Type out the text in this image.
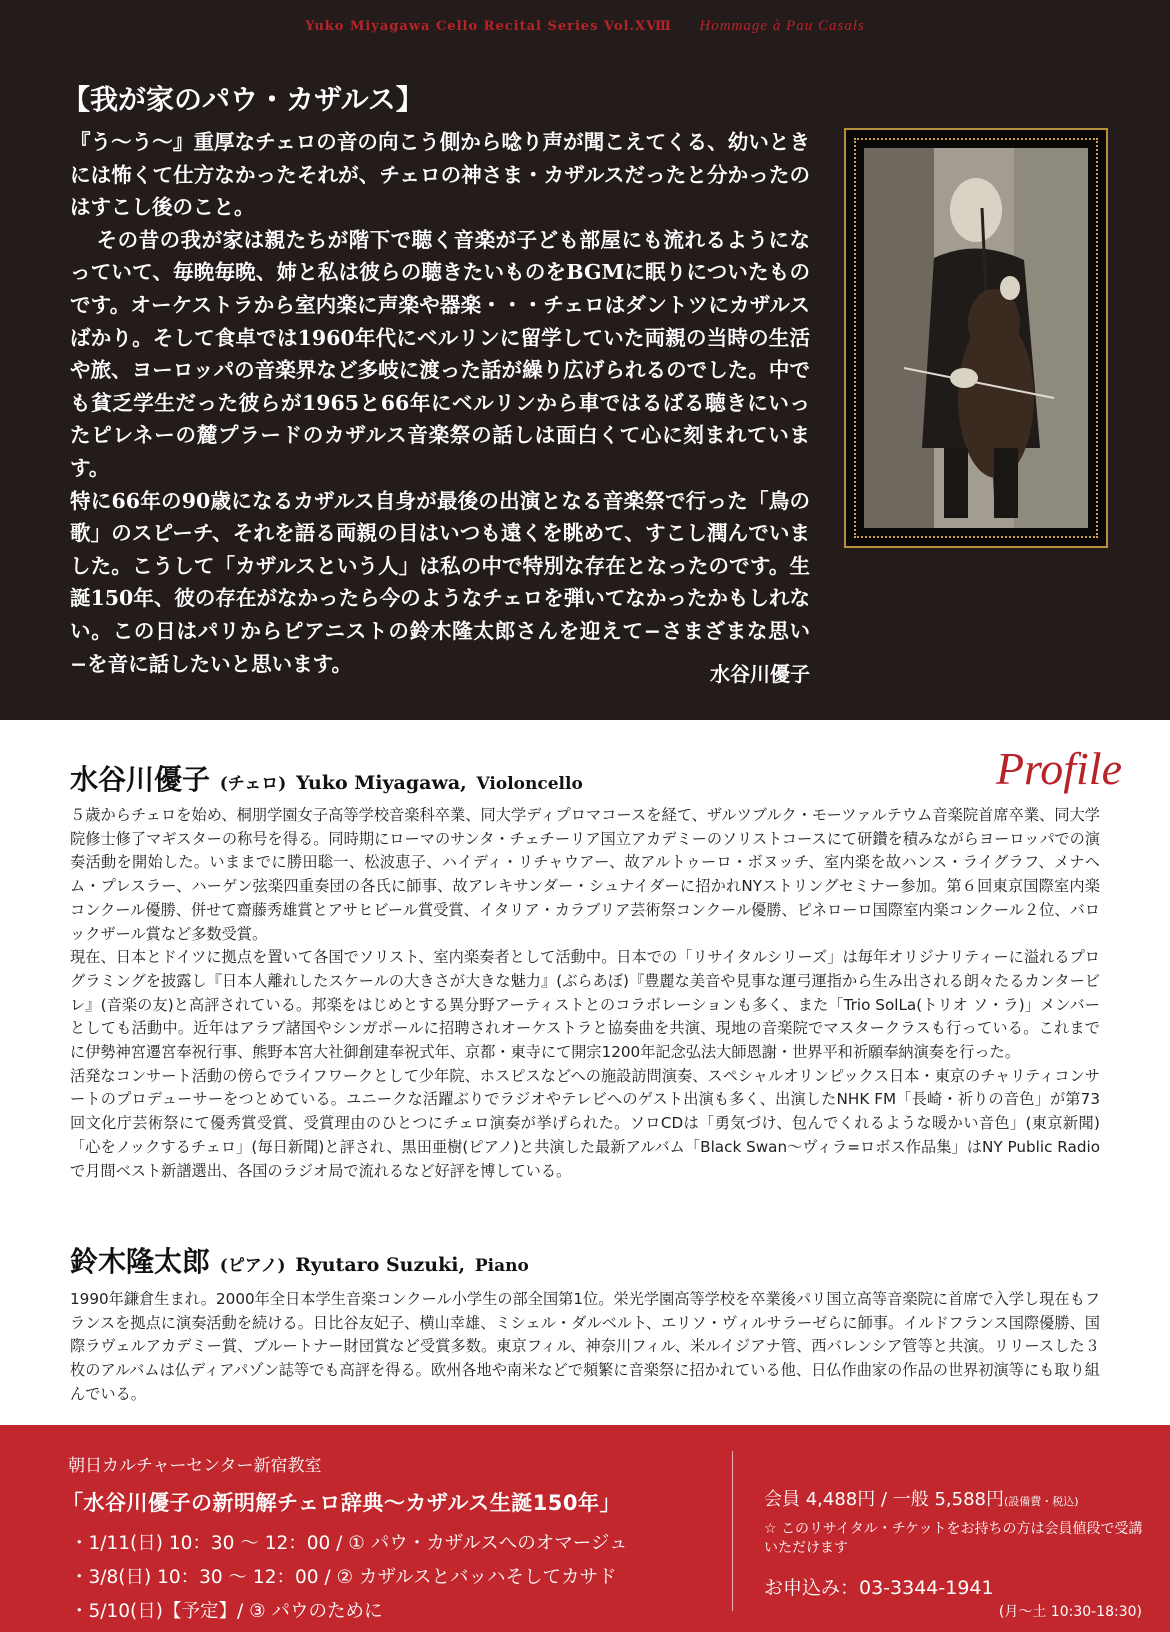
Yuko Miyagawa Cello Recital Series Vol.XⅧ Hommage à Pau Casals
【我が家のパウ・カザルス】

『う〜う〜』重厚なチェロの音の向こう側から唸り声が聞こえてくる、幼いときには怖くて仕方なかったそれが、チェロの神さま・カザルスだったと分かったのはすこし後のこと。

その昔の我が家は親たちが階下で聴く音楽が子ども部屋にも流れるようになっていて、毎晩毎晩、姉と私は彼らの聴きたいものをBGMに眠りについたものです。オーケストラから室内楽に声楽や器楽・・・チェロはダントツにカザルスばかり。そして食卓では1960年代にベルリンに留学していた両親の当時の生活や旅、ヨーロッパの音楽界など多岐に渡った話が繰り広げられるのでした。中でも貧乏学生だった彼らが1965と66年にベルリンから車ではるばる聴きにいったピレネーの麓プラードのカザルス音楽祭の話しは面白くて心に刻まれています。

特に66年の90歳になるカザルス自身が最後の出演となる音楽祭で行った「鳥の歌」のスピーチ、それを語る両親の目はいつも遠くを眺めて、すこし潤んでいました。こうして「カザルスという人」は私の中で特別な存在となったのです。生誕150年、彼の存在がなかったら今のようなチェロを弾いてなかったかもしれない。この日はパリからピアニストの鈴木隆太郎さんを迎えて−さまざまな思い−を音に話したいと思います。	水谷川優子
Profile
水谷川優子 (チェロ) Yuko Miyagawa, Violoncello

５歳からチェロを始め、桐朋学園女子高等学校音楽科卒業、同大学ディプロマコースを経て、ザルツブルク・モーツァルテウム音楽院首席卒業、同大学院修士修了マギスターの称号を得る。同時期にローマのサンタ・チェチーリア国立アカデミーのソリストコースにて研鑽を積みながらヨーロッパでの演奏活動を開始した。いままでに勝田聡一、松波恵子、ハイディ・リチャウアー、故アルトゥーロ・ボヌッチ、室内楽を故ハンス・ライグラフ、メナヘム・プレスラー、ハーゲン弦楽四重奏団の各氏に師事、故アレキサンダー・シュナイダーに招かれNYストリングセミナー参加。第６回東京国際室内楽コンクール優勝、併せて齋藤秀雄賞とアサヒビール賞受賞、イタリア・カラブリア芸術祭コンクール優勝、ピネローロ国際室内楽コンクール２位、バロックザール賞など多数受賞。

現在、日本とドイツに拠点を置いて各国でソリスト、室内楽奏者として活動中。日本での「リサイタルシリーズ」は毎年オリジナリティーに溢れるプログラミングを披露し『日本人離れしたスケールの大きさが大きな魅力』(ぶらあぼ)『豊麗な美音や見事な運弓運指から生み出される朗々たるカンタービレ』(音楽の友)と高評されている。邦楽をはじめとする異分野アーティストとのコラボレーションも多く、また「Trio SolLa(トリオ ソ・ラ)」メンバーとしても活動中。近年はアラブ諸国やシンガポールに招聘されオーケストラと協奏曲を共演、現地の音楽院でマスタークラスも行っている。これまでに伊勢神宮遷宮奉祝行事、熊野本宮大社御創建奉祝式年、京都・東寺にて開宗1200年記念弘法大師恩謝・世界平和祈願奉納演奏を行った。

活発なコンサート活動の傍らでライフワークとして少年院、ホスピスなどへの施設訪問演奏、スペシャルオリンピックス日本・東京のチャリティコンサートのプロデューサーをつとめている。ユニークな活躍ぶりでラジオやテレビへのゲスト出演も多く、出演したNHK FM「長崎・祈りの音色」が第73回文化庁芸術祭にて優秀賞受賞、受賞理由のひとつにチェロ演奏が挙げられた。ソロCDは「勇気づけ、包んでくれるような暖かい音色」(東京新聞)「心をノックするチェロ」(毎日新聞)と評され、黒田亜樹(ピアノ)と共演した最新アルバム「Black Swan〜ヴィラ=ロボス作品集」はNY Public Radio で月間ベスト新譜選出、各国のラジオ局で流れるなど好評を博している。

鈴木隆太郎 (ピアノ) Ryutaro Suzuki, Piano

1990年鎌倉生まれ。2000年全日本学生音楽コンクール小学生の部全国第1位。栄光学園高等学校を卒業後パリ国立高等音楽院に首席で入学し現在もフランスを拠点に演奏活動を続ける。日比谷友妃子、横山幸雄、ミシェル・ダルベルト、エリソ・ヴィルサラーゼらに師事。イルドフランス国際優勝、国際ラヴェルアカデミー賞、ブルートナー財団賞など受賞多数。東京フィル、神奈川フィル、米ルイジアナ管、西バレンシア管等と共演。リリースした３枚のアルバムは仏ディアパゾン誌等でも高評を得る。欧州各地や南米などで頻繁に音楽祭に招かれている他、日仏作曲家の作品の世界初演等にも取り組んでいる。

朝日カルチャーセンター新宿教室
「水谷川優子の新明解チェロ辞典〜カザルス生誕150年」
・1/11(日) 10：30 〜 12：00 / ① パウ・カザルスへのオマージュ
・3/8(日) 10：30 〜 12：00 / ② カザルスとバッハそしてカサド
・5/10(日)【予定】/ ③ パウのために
会員 4,488円 / 一般 5,588円(設備費・税込)
☆ このリサイタル・チケットをお持ちの方は会員値段で受講いただけます
お申込み：03-3344-1941
(月〜土 10:30-18:30)
